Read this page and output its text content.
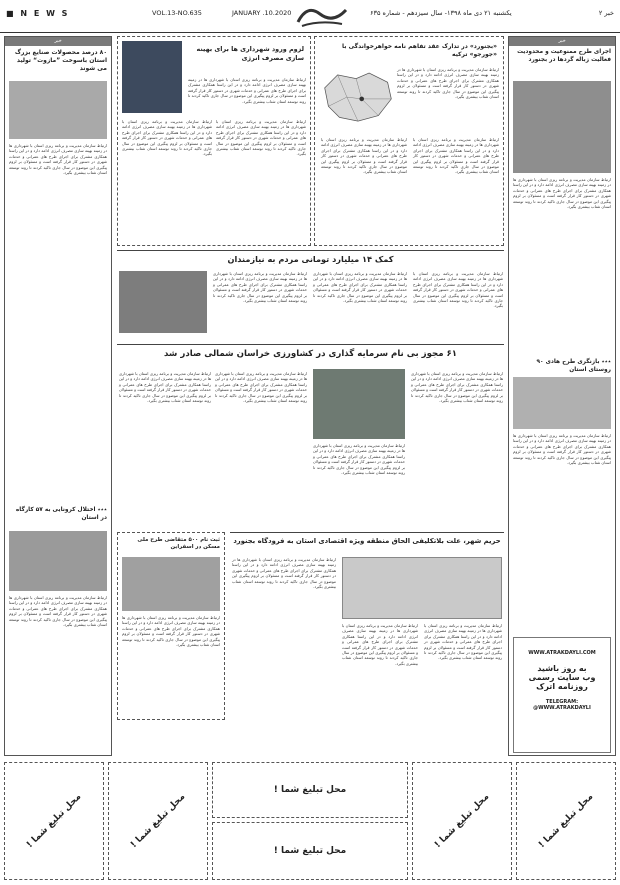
■ N E W S	VOL.13-NO.635	JANUARY .10.2020	یکشنبه ۲۱ دی ماه ۱۳۹۸- سال سیزدهم - شماره ۶۳۵	خبر ۲
خبر
۸۰ درصد محصولات صنایع بزرگ استان باسوخت ”مازوت“ تولید می شوند
ارتباط سازمان مدیریت و برنامه ریزی استان با شهرداری ها در زمینه بهینه سازی مصرف انرژی ادامه دارد و در این راستا همکاری مشترک برای اجرای طرح های عمرانی و خدمات شهری در دستور کار قرار گرفته است و مسئولان بر لزوم پیگیری این موضوع در سال جاری تاکید کردند تا روند توسعه استان شتاب بیشتری بگیرد.
٭٭٭ اختلال کرونایی به ۵۷ کارگاه در استان
ارتباط سازمان مدیریت و برنامه ریزی استان با شهرداری ها در زمینه بهینه سازی مصرف انرژی ادامه دارد و در این راستا همکاری مشترک برای اجرای طرح های عمرانی و خدمات شهری در دستور کار قرار گرفته است و مسئولان بر لزوم پیگیری این موضوع در سال جاری تاکید کردند تا روند توسعه استان شتاب بیشتری بگیرد.
خبر
اجرای طرح ممنوعیت و محدودیت فعالیت زباله گردها در بجنورد
ارتباط سازمان مدیریت و برنامه ریزی استان با شهرداری ها در زمینه بهینه سازی مصرف انرژی ادامه دارد و در این راستا همکاری مشترک برای اجرای طرح های عمرانی و خدمات شهری در دستور کار قرار گرفته است و مسئولان بر لزوم پیگیری این موضوع در سال جاری تاکید کردند تا روند توسعه استان شتاب بیشتری بگیرد.
٭٭٭ بازنگری طرح هادی ۹۰ روستای استان
ارتباط سازمان مدیریت و برنامه ریزی استان با شهرداری ها در زمینه بهینه سازی مصرف انرژی ادامه دارد و در این راستا همکاری مشترک برای اجرای طرح های عمرانی و خدمات شهری در دستور کار قرار گرفته است و مسئولان بر لزوم پیگیری این موضوع در سال جاری تاکید کردند تا روند توسعه استان شتاب بیشتری بگیرد.
WWW.ATRAKDAYLI.COM
به روز باشید
وب سایت رسمی
روزنامه اترک
TELEGRAM:
@WWW.ATRAKDAYLI
لزوم ورود شهرداری ها برای بهینه سازی مصرف انرژی
ارتباط سازمان مدیریت و برنامه ریزی استان با شهرداری ها در زمینه بهینه سازی مصرف انرژی ادامه دارد و در این راستا همکاری مشترک برای اجرای طرح های عمرانی و خدمات شهری در دستور کار قرار گرفته است و مسئولان بر لزوم پیگیری این موضوع در سال جاری تاکید کردند تا روند توسعه استان شتاب بیشتری بگیرد.
ارتباط سازمان مدیریت و برنامه ریزی استان با شهرداری ها در زمینه بهینه سازی مصرف انرژی ادامه دارد و در این راستا همکاری مشترک برای اجرای طرح های عمرانی و خدمات شهری در دستور کار قرار گرفته است و مسئولان بر لزوم پیگیری این موضوع در سال جاری تاکید کردند تا روند توسعه استان شتاب بیشتری بگیرد.
ارتباط سازمان مدیریت و برنامه ریزی استان با شهرداری ها در زمینه بهینه سازی مصرف انرژی ادامه دارد و در این راستا همکاری مشترک برای اجرای طرح های عمرانی و خدمات شهری در دستور کار قرار گرفته است و مسئولان بر لزوم پیگیری این موضوع در سال جاری تاکید کردند تا روند توسعه استان شتاب بیشتری بگیرد.
«بجنورد» در تدارک عقد تفاهم نامه خواهرخواندگی با «جورجو» ترکیه
ارتباط سازمان مدیریت و برنامه ریزی استان با شهرداری ها در زمینه بهینه سازی مصرف انرژی ادامه دارد و در این راستا همکاری مشترک برای اجرای طرح های عمرانی و خدمات شهری در دستور کار قرار گرفته است و مسئولان بر لزوم پیگیری این موضوع در سال جاری تاکید کردند تا روند توسعه استان شتاب بیشتری بگیرد.
ارتباط سازمان مدیریت و برنامه ریزی استان با شهرداری ها در زمینه بهینه سازی مصرف انرژی ادامه دارد و در این راستا همکاری مشترک برای اجرای طرح های عمرانی و خدمات شهری در دستور کار قرار گرفته است و مسئولان بر لزوم پیگیری این موضوع در سال جاری تاکید کردند تا روند توسعه استان شتاب بیشتری بگیرد.
ارتباط سازمان مدیریت و برنامه ریزی استان با شهرداری ها در زمینه بهینه سازی مصرف انرژی ادامه دارد و در این راستا همکاری مشترک برای اجرای طرح های عمرانی و خدمات شهری در دستور کار قرار گرفته است و مسئولان بر لزوم پیگیری این موضوع در سال جاری تاکید کردند تا روند توسعه استان شتاب بیشتری بگیرد.
کمک ۱۴ میلیارد تومانی مردم به نیازمندان
ارتباط سازمان مدیریت و برنامه ریزی استان با شهرداری ها در زمینه بهینه سازی مصرف انرژی ادامه دارد و در این راستا همکاری مشترک برای اجرای طرح های عمرانی و خدمات شهری در دستور کار قرار گرفته است و مسئولان بر لزوم پیگیری این موضوع در سال جاری تاکید کردند تا روند توسعه استان شتاب بیشتری بگیرد.
ارتباط سازمان مدیریت و برنامه ریزی استان با شهرداری ها در زمینه بهینه سازی مصرف انرژی ادامه دارد و در این راستا همکاری مشترک برای اجرای طرح های عمرانی و خدمات شهری در دستور کار قرار گرفته است و مسئولان بر لزوم پیگیری این موضوع در سال جاری تاکید کردند تا روند توسعه استان شتاب بیشتری بگیرد.
ارتباط سازمان مدیریت و برنامه ریزی استان با شهرداری ها در زمینه بهینه سازی مصرف انرژی ادامه دارد و در این راستا همکاری مشترک برای اجرای طرح های عمرانی و خدمات شهری در دستور کار قرار گرفته است و مسئولان بر لزوم پیگیری این موضوع در سال جاری تاکید کردند تا روند توسعه استان شتاب بیشتری بگیرد.
۶۱ مجوز بی نام سرمایه گذاری در کشاورزی خراسان شمالی صادر شد
ارتباط سازمان مدیریت و برنامه ریزی استان با شهرداری ها در زمینه بهینه سازی مصرف انرژی ادامه دارد و در این راستا همکاری مشترک برای اجرای طرح های عمرانی و خدمات شهری در دستور کار قرار گرفته است و مسئولان بر لزوم پیگیری این موضوع در سال جاری تاکید کردند تا روند توسعه استان شتاب بیشتری بگیرد.
ارتباط سازمان مدیریت و برنامه ریزی استان با شهرداری ها در زمینه بهینه سازی مصرف انرژی ادامه دارد و در این راستا همکاری مشترک برای اجرای طرح های عمرانی و خدمات شهری در دستور کار قرار گرفته است و مسئولان بر لزوم پیگیری این موضوع در سال جاری تاکید کردند تا روند توسعه استان شتاب بیشتری بگیرد.
ارتباط سازمان مدیریت و برنامه ریزی استان با شهرداری ها در زمینه بهینه سازی مصرف انرژی ادامه دارد و در این راستا همکاری مشترک برای اجرای طرح های عمرانی و خدمات شهری در دستور کار قرار گرفته است و مسئولان بر لزوم پیگیری این موضوع در سال جاری تاکید کردند تا روند توسعه استان شتاب بیشتری بگیرد.
ارتباط سازمان مدیریت و برنامه ریزی استان با شهرداری ها در زمینه بهینه سازی مصرف انرژی ادامه دارد و در این راستا همکاری مشترک برای اجرای طرح های عمرانی و خدمات شهری در دستور کار قرار گرفته است و مسئولان بر لزوم پیگیری این موضوع در سال جاری تاکید کردند تا روند توسعه استان شتاب بیشتری بگیرد.
ثبت نام ۵۰۰ متقاضی طرح ملی مسکن در اسفراین
ارتباط سازمان مدیریت و برنامه ریزی استان با شهرداری ها در زمینه بهینه سازی مصرف انرژی ادامه دارد و در این راستا همکاری مشترک برای اجرای طرح های عمرانی و خدمات شهری در دستور کار قرار گرفته است و مسئولان بر لزوم پیگیری این موضوع در سال جاری تاکید کردند تا روند توسعه استان شتاب بیشتری بگیرد.
حریم شهر، علت بلاتکلیفی الحاق منطقه ویژه اقتصادی استان به فرودگاه بجنورد
ارتباط سازمان مدیریت و برنامه ریزی استان با شهرداری ها در زمینه بهینه سازی مصرف انرژی ادامه دارد و در این راستا همکاری مشترک برای اجرای طرح های عمرانی و خدمات شهری در دستور کار قرار گرفته است و مسئولان بر لزوم پیگیری این موضوع در سال جاری تاکید کردند تا روند توسعه استان شتاب بیشتری بگیرد.
ارتباط سازمان مدیریت و برنامه ریزی استان با شهرداری ها در زمینه بهینه سازی مصرف انرژی ادامه دارد و در این راستا همکاری مشترک برای اجرای طرح های عمرانی و خدمات شهری در دستور کار قرار گرفته است و مسئولان بر لزوم پیگیری این موضوع در سال جاری تاکید کردند تا روند توسعه استان شتاب بیشتری بگیرد.
ارتباط سازمان مدیریت و برنامه ریزی استان با شهرداری ها در زمینه بهینه سازی مصرف انرژی ادامه دارد و در این راستا همکاری مشترک برای اجرای طرح های عمرانی و خدمات شهری در دستور کار قرار گرفته است و مسئولان بر لزوم پیگیری این موضوع در سال جاری تاکید کردند تا روند توسعه استان شتاب بیشتری بگیرد.
محل تبلیغ شما !	محل تبلیغ شما !
محل تبلیغ شما !
محل تبلیغ شما !
محل تبلیغ شما !	محل تبلیغ شما !
